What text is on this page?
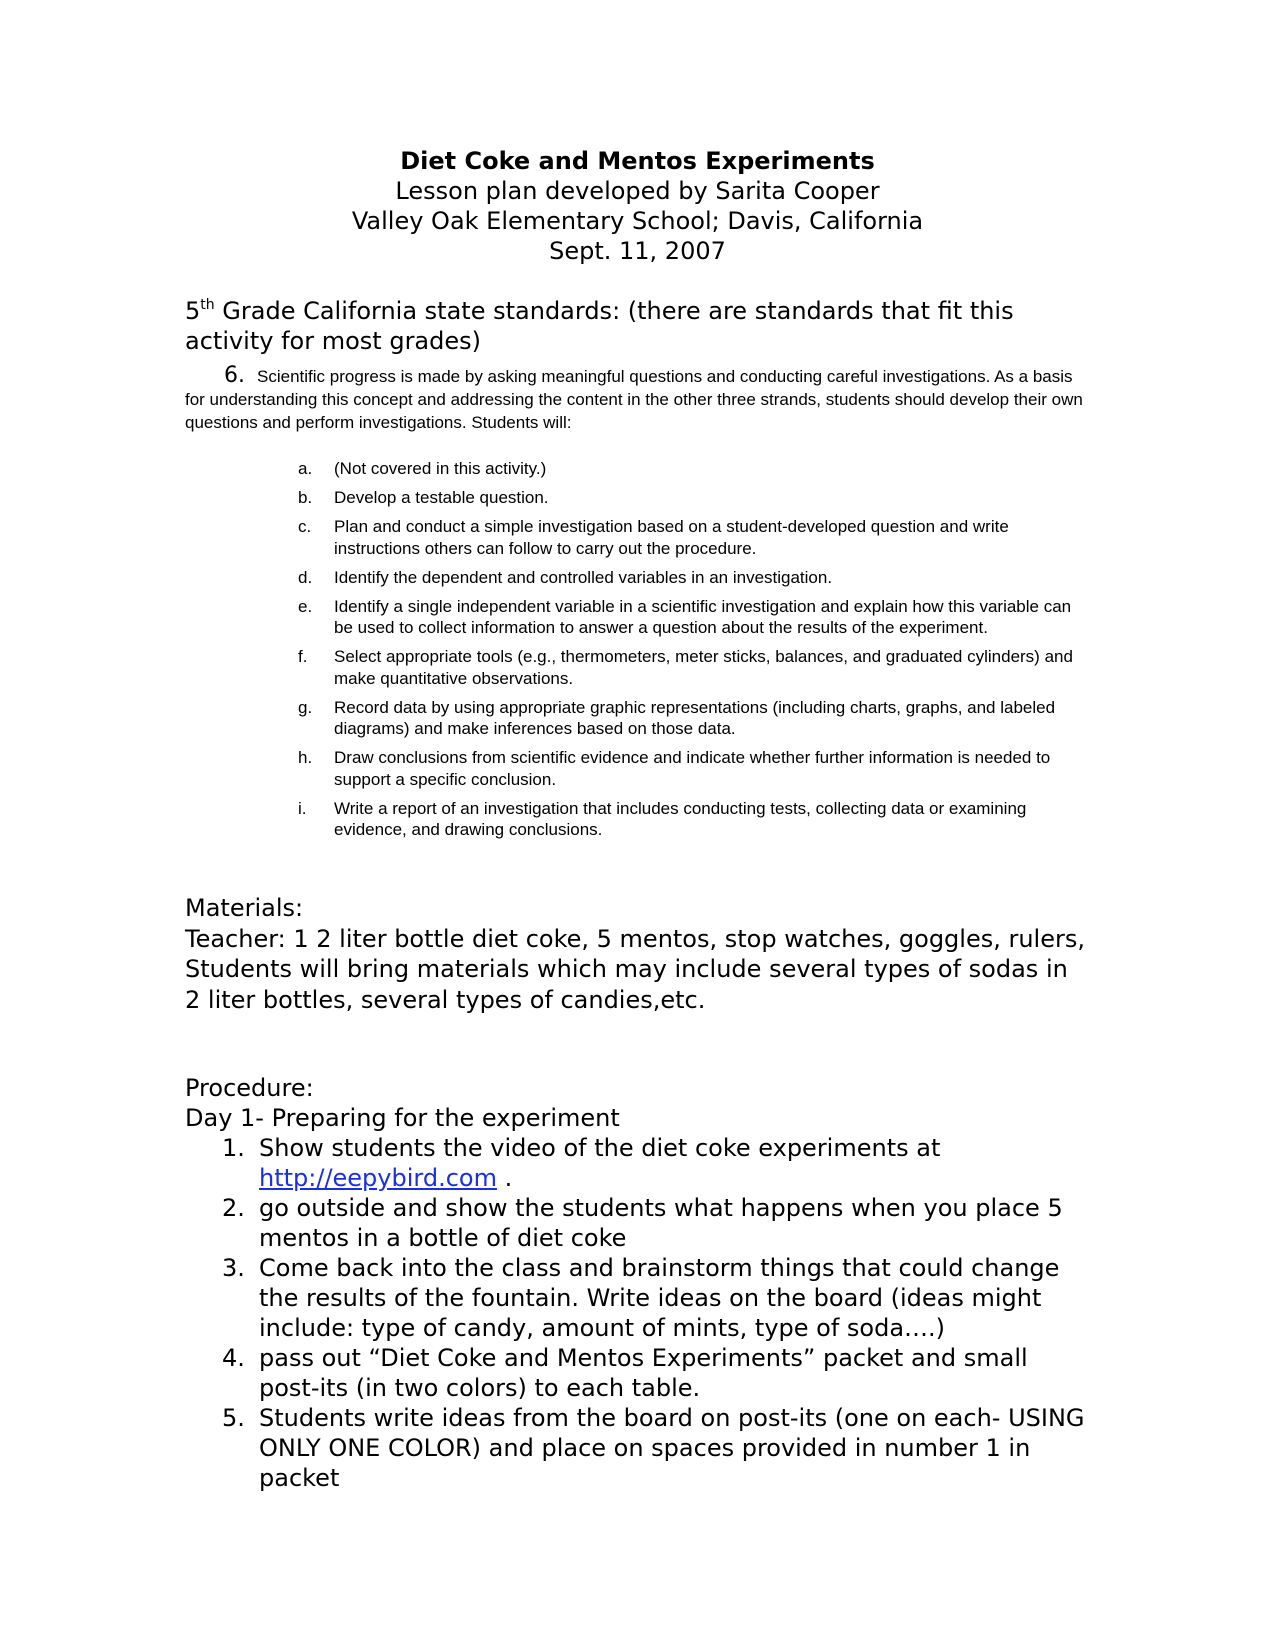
Diet Coke and Mentos Experiments
Lesson plan developed by Sarita Cooper
Valley Oak Elementary School; Davis, California
Sept. 11, 2007
5th Grade California state standards: (there are standards that fit this activity for most grades)
6. Scientific progress is made by asking meaningful questions and conducting careful investigations. As a basis for understanding this concept and addressing the content in the other three strands, students should develop their own questions and perform investigations. Students will:
a. (Not covered in this activity.)
b. Develop a testable question.
c. Plan and conduct a simple investigation based on a student-developed question and write instructions others can follow to carry out the procedure.
d. Identify the dependent and controlled variables in an investigation.
e. Identify a single independent variable in a scientific investigation and explain how this variable can be used to collect information to answer a question about the results of the experiment.
f. Select appropriate tools (e.g., thermometers, meter sticks, balances, and graduated cylinders) and make quantitative observations.
g. Record data by using appropriate graphic representations (including charts, graphs, and labeled diagrams) and make inferences based on those data.
h. Draw conclusions from scientific evidence and indicate whether further information is needed to support a specific conclusion.
i. Write a report of an investigation that includes conducting tests, collecting data or examining evidence, and drawing conclusions.

Materials:

Teacher: 1 2 liter bottle diet coke, 5 mentos, stop watches, goggles, rulers,

Students will bring materials which may include several types of sodas in 2 liter bottles, several types of candies,etc.

Procedure:

Day 1- Preparing for the experiment

1. Show students the video of the diet coke experiments at http://eepybird.com .
2. go outside and show the students what happens when you place 5 mentos in a bottle of diet coke
3. Come back into the class and brainstorm things that could change the results of the fountain. Write ideas on the board (ideas might include: type of candy, amount of mints, type of soda….)
4. pass out “Diet Coke and Mentos Experiments” packet and small post-its (in two colors) to each table.
5. Students write ideas from the board on post-its (one on each- USING ONLY ONE COLOR) and place on spaces provided in number 1 in packet
